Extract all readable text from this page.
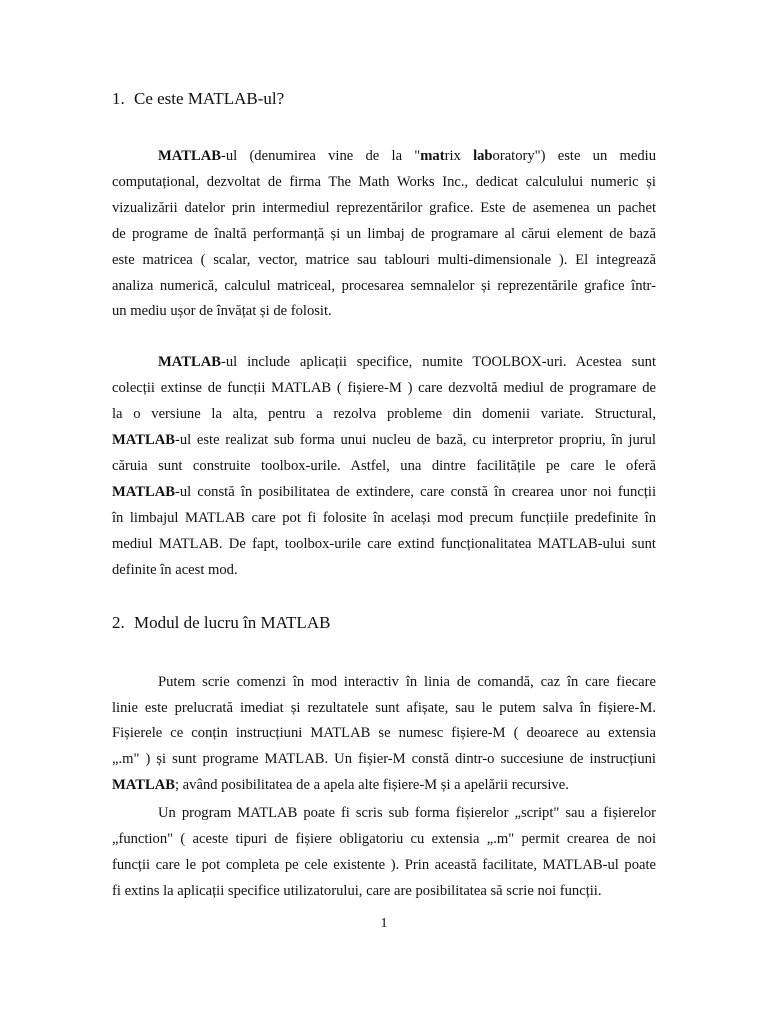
1. Ce este MATLAB-ul?
MATLAB-ul (denumirea vine de la "matrix laboratory") este un mediu
computațional, dezvoltat de firma The Math Works Inc., dedicat calculului numeric și
vizualizării datelor prin intermediul reprezentărilor grafice. Este de asemenea un pachet
de programe de înaltă performanță și un limbaj de programare al cărui element de bază
este matricea ( scalar, vector, matrice sau tablouri multi-dimensionale ). El integrează
analiza numerică, calculul matriceal, procesarea semnalelor și reprezentările grafice într-
un mediu ușor de învățat și de folosit.
MATLAB-ul include aplicații specifice, numite TOOLBOX-uri. Acestea sunt
colecții extinse de funcții MATLAB ( fișiere-M ) care dezvoltă mediul de programare de
la o versiune la alta, pentru a rezolva probleme din domenii variate. Structural,
MATLAB-ul este realizat sub forma unui nucleu de bază, cu interpretor propriu, în jurul
căruia sunt construite toolbox-urile. Astfel, una dintre facilitățile pe care le oferă
MATLAB-ul constă în posibilitatea de extindere, care constă în crearea unor noi funcții
în limbajul MATLAB care pot fi folosite în același mod precum funcțiile predefinite în
mediul MATLAB. De fapt, toolbox-urile care extind funcționalitatea MATLAB-ului sunt
definite în acest mod.
2. Modul de lucru în MATLAB
Putem scrie comenzi în mod interactiv în linia de comandă, caz în care fiecare
linie este prelucrată imediat și rezultatele sunt afișate, sau le putem salva în fișiere-M.
Fișierele ce conțin instrucțiuni MATLAB se numesc fișiere-M ( deoarece au extensia
„.m" ) și sunt programe MATLAB. Un fișier-M constă dintr-o succesiune de instrucțiuni
MATLAB; având posibilitatea de a apela alte fișiere-M și a apelării recursive.
Un program MATLAB poate fi scris sub forma fișierelor „script" sau a fișierelor
„function" ( aceste tipuri de fișiere obligatoriu cu extensia „.m" permit crearea de noi
funcții care le pot completa pe cele existente ). Prin această facilitate, MATLAB-ul poate
fi extins la aplicații specifice utilizatorului, care are posibilitatea să scrie noi funcții.
1
